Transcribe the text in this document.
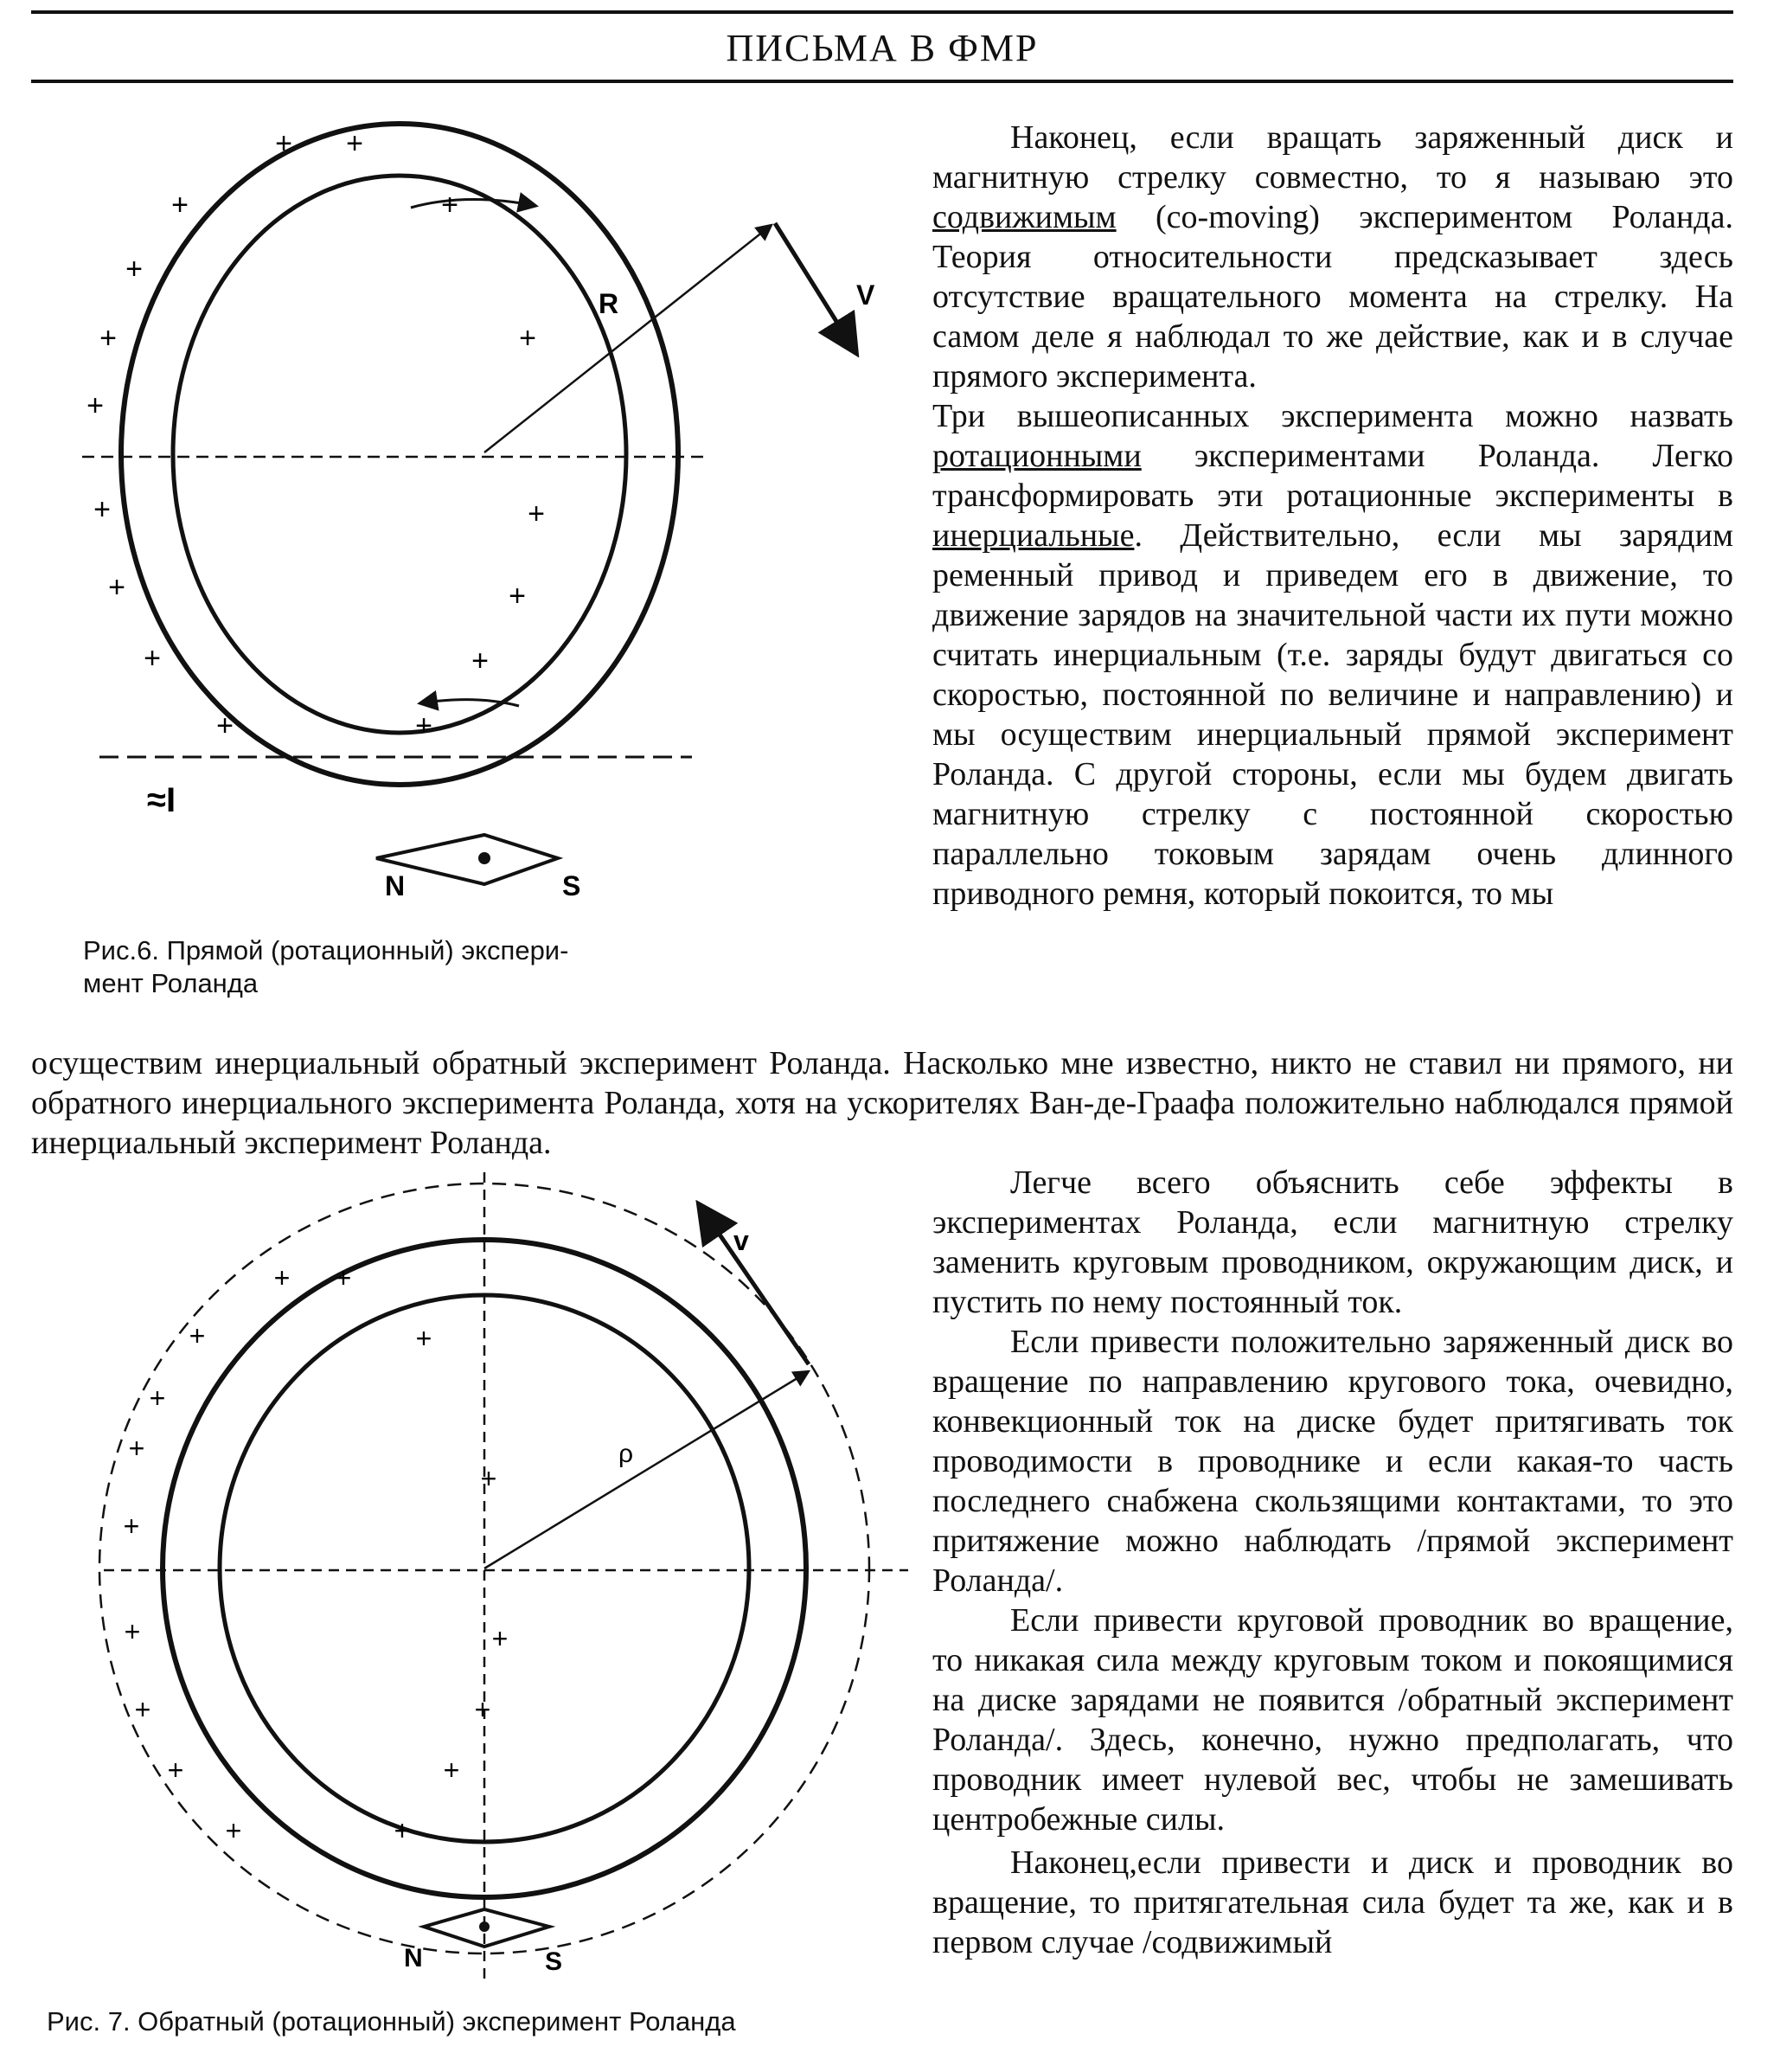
ПИСЬМА В ФМР
R	V
≈I
N	S
+ +
+	+
+
+
+
+
+	+
+	+
+	+
+	+
Рис.6. Прямой (ротационный) экспери-
мент Роланда

Наконец, если вращать заряженный диск и магнитную стрелку совместно, то я называю это содвижимым (co-moving) экспериментом Роланда. Теория относительности предсказывает здесь отсутствие вращательного момента на стрелку. На самом деле я наблюдал то же действие, как и в случае прямого эксперимента.

Три вышеописанных эксперимента можно назвать ротационными экспериментами Роланда. Легко трансформировать эти ротационные эксперименты в инерциальные. Действительно, если мы зарядим ременный привод и приведем его в движение, то движение зарядов на значительной части их пути можно считать инерциальным (т.е. заряды будут двигаться со скоростью, постоянной по величине и направлению) и мы осуществим инерциальный прямой эксперимент Роланда. С другой стороны, если мы будем двигать магнитную стрелку с постоянной скоростью параллельно токовым зарядам очень длинного приводного ремня, который покоится, то мы

осуществим инерциальный обратный эксперимент Роланда. Насколько мне известно, никто не ставил ни прямого, ни обратного инерциального эксперимента Роланда, хотя на ускорителях Ван-де-Граафа положительно наблюдался прямой инерциальный эксперимент Роланда.

ρ
v
N	S
+ +
+	+
+
+
+
+
+	+
+	+
+	+
+	+
Рис. 7. Обратный (ротационный) эксперимент Роланда

Легче всего объяснить себе эффекты в экспериментах Роланда, если магнитную стрелку заменить круговым проводником, окружающим диск, и пустить по нему постоянный ток.

Если привести положительно заряженный диск во вращение по направлению кругового тока, очевидно, конвекционный ток на диске будет притягивать ток проводимости в проводнике и если какая-то часть последнего снабжена скользящими контактами, то это притяжение можно наблюдать /прямой эксперимент Роланда/.

Если привести круговой проводник во вращение, то никакая сила между круговым током и покоящимися на диске зарядами не появится /обратный эксперимент Роланда/. Здесь, конечно, нужно предполагать, что проводник имеет нулевой вес, чтобы не замешивать центробежные силы.

Наконец,если привести и диск и проводник во вращение, то притягательная сила будет та же, как и в первом случае /содвижимый
